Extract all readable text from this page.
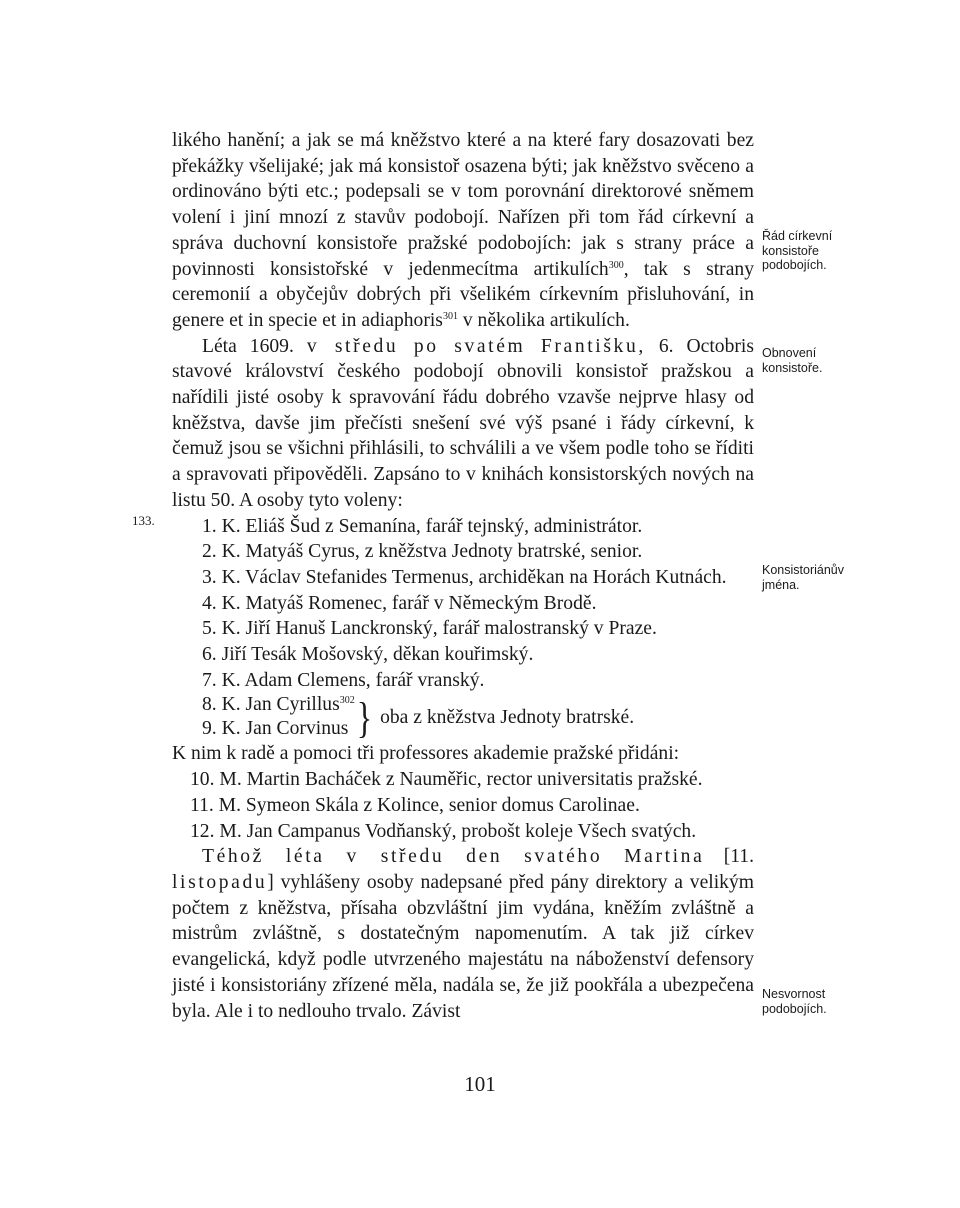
likého hanění; a jak se má kněžstvo které a na které fary dosazovati bez překážky všelijaké; jak má konsistoř osazena býti; jak kněžstvo svěceno a ordinováno býti etc.; podepsali se v tom porovnání direktorové sněmem volení i jiní mnozí z stavův podobojí. Nařízen při tom řád církevní a správa duchovní konsistoře pražské podobojích: jak s strany práce a povinnosti konsistořské v jedenmecítma artikulích$^{300}$, tak s strany ceremonií a obyčejův dobrých při všelikém církevním přisluhování, in genere et in specie et in adiaphoris$^{301}$ v několika artikulích.

Léta 1609. v středu po svatém Františku, 6. Octobris stavové království českého podobojí obnovili konsistoř pražskou a nařídili jisté osoby k spravování řádu dobrého vzavše nejprve hlasy od kněžstva, davše jim přečísti snešení své výš psané i řády církevní, k čemuž jsou se všichni přihlásili, to schválili a ve všem podle toho se říditi a spravovati připověděli. Zapsáno to v knihách konsistorských nových na listu 50. A osoby tyto voleny:

1. K. Eliáš Šud z Semanína, farář tejnský, administrátor.
2. K. Matyáš Cyrus, z kněžstva Jednoty bratrské, senior.
3. K. Václav Stefanides Termenus, archiděkan na Horách Kutnách.
4. K. Matyáš Romenec, farář v Německým Brodě.
5. K. Jiří Hanuš Lanckronský, farář malostranský v Praze.
6. Jiří Tesák Mošovský, děkan kouřimský.
7. K. Adam Clemens, farář vranský.
8. K. Jan Cyrillus$^{302}$
9. K. Jan Corvinus } oba z kněžstva Jednoty bratrské.

K nim k radě a pomoci tři professores akademie pražské přidáni:

10. M. Martin Bacháček z Nauměřic, rector universitatis pražské.
11. M. Symeon Skála z Kolince, senior domus Carolinae.
12. M. Jan Campanus Vodňanský, probošt koleje Všech svatých.

Téhož léta v středu den svatého Martina [11. listopadu] vyhlášeny osoby nadepsané před pány direktory a velikým počtem z kněžstva, přísaha obzvláštní jim vydána, kněžím zvláštně a mistrům zvláštně, s dostatečným napomenutím. A tak již církev evangelická, když podle utvrzeného majestátu na náboženství defensory jisté i konsistoriány zřízené měla, nadála se, že již pookřála a ubezpečena byla. Ale i to nedlouho trvalo. Závist

Řád církevní konsistoře podobojích.
Obnovení konsistoře.
Konsistoriánův jména.
Nesvornost podobojích.
133.
101
